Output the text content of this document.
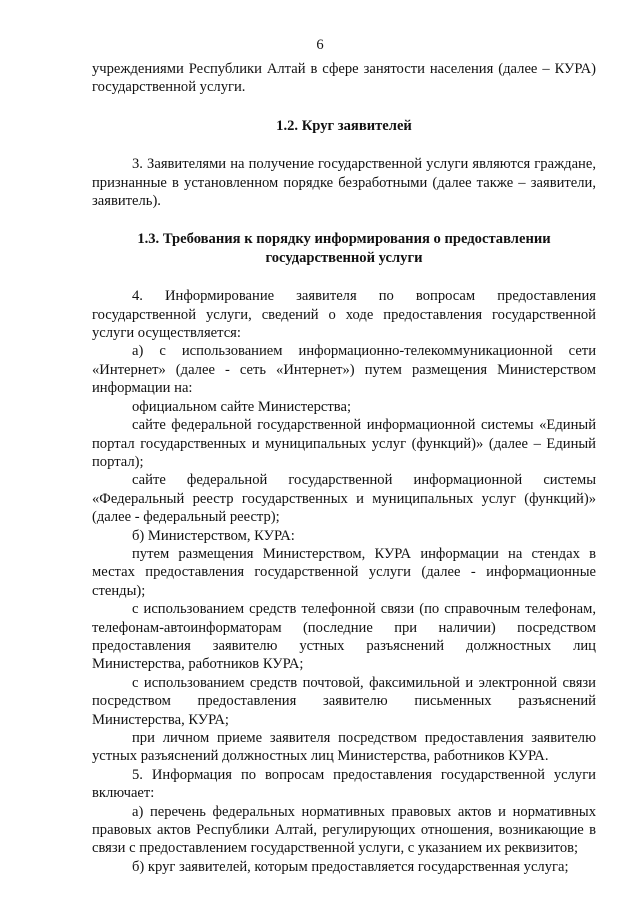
6
учреждениями Республики Алтай в сфере занятости населения (далее – КУРА) государственной услуги.
1.2. Круг заявителей
3. Заявителями на получение государственной услуги являются граждане, признанные в установленном порядке безработными (далее также – заявители, заявитель).
1.3. Требования к порядку информирования о предоставлении государственной услуги
4. Информирование заявителя по вопросам предоставления государственной услуги, сведений о ходе предоставления государственной услуги осуществляется:
а) с использованием информационно-телекоммуникационной сети «Интернет» (далее - сеть «Интернет») путем размещения Министерством информации на:
официальном сайте Министерства;
сайте федеральной государственной информационной системы «Единый портал государственных и муниципальных услуг (функций)» (далее – Единый портал);
сайте федеральной государственной информационной системы «Федеральный реестр государственных и муниципальных услуг (функций)» (далее - федеральный реестр);
б) Министерством, КУРА:
путем размещения Министерством, КУРА информации на стендах в местах предоставления государственной услуги (далее - информационные стенды);
с использованием средств телефонной связи (по справочным телефонам, телефонам-автоинформаторам (последние при наличии) посредством предоставления заявителю устных разъяснений должностных лиц Министерства, работников КУРА;
с использованием средств почтовой, факсимильной и электронной связи посредством предоставления заявителю письменных разъяснений Министерства, КУРА;
при личном приеме заявителя посредством предоставления заявителю устных разъяснений должностных лиц Министерства, работников КУРА.
5. Информация по вопросам предоставления государственной услуги включает:
а) перечень федеральных нормативных правовых актов и нормативных правовых актов Республики Алтай, регулирующих отношения, возникающие в связи с предоставлением государственной услуги, с указанием их реквизитов;
б) круг заявителей, которым предоставляется государственная услуга;
